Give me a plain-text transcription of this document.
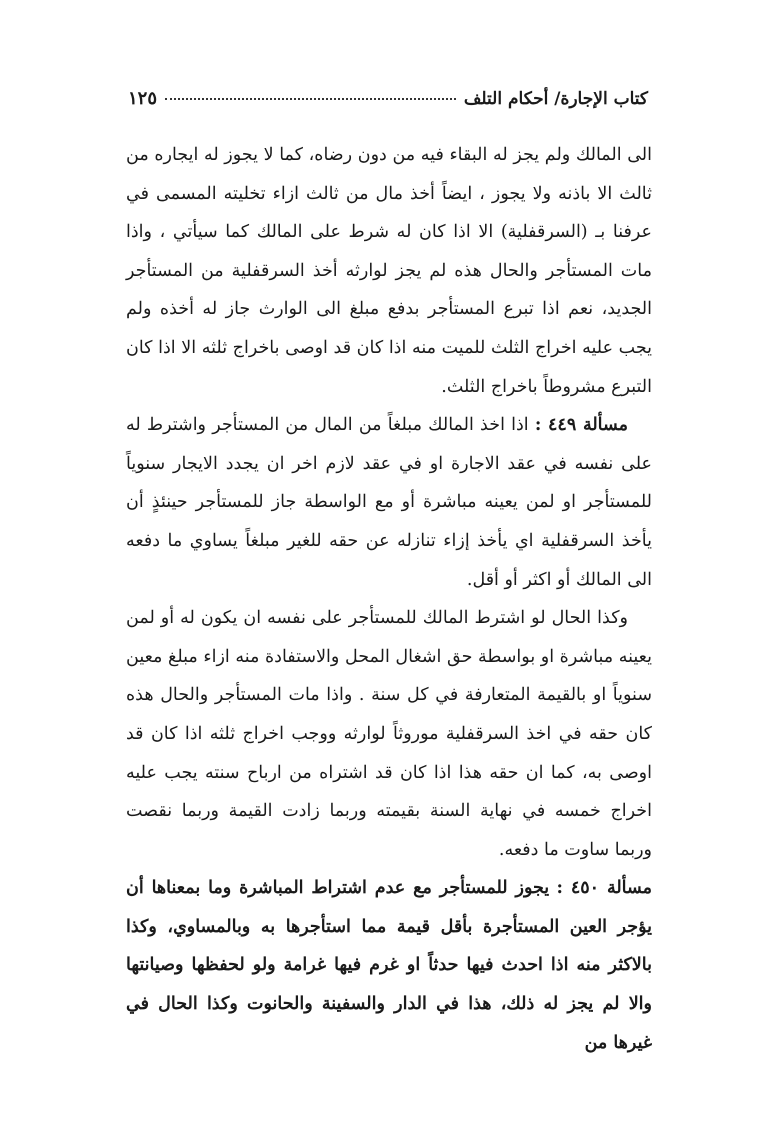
كتاب الإجارة/ أحكام التلف
١٢٥

الى المالك ولم يجز له البقاء فيه من دون رضاه، كما لا يجوز له ايجاره من ثالث الا باذنه ولا يجوز ، ايضاً أخذ مال من ثالث ازاء تخليته المسمى في عرفنا بـ (السرقفلية) الا اذا كان له شرط على المالك كما سيأتي ، واذا مات المستأجر والحال هذه لم يجز لوارثه أخذ السرقفلية من المستأجر الجديد، نعم اذا تبرع المستأجر بدفع مبلغ الى الوارث جاز له أخذه ولم يجب عليه اخراج الثلث للميت منه اذا كان قد اوصى باخراج ثلثه الا اذا كان التبرع مشروطاً باخراج الثلث.

مسألة ٤٤٩ : اذا اخذ المالك مبلغاً من المال من المستأجر واشترط له على نفسه في عقد الاجارة او في عقد لازم اخر ان يجدد الايجار سنوياً للمستأجر او لمن يعينه مباشرة أو مع الواسطة جاز للمستأجر حينئذٍ أن يأخذ السرقفلية اي يأخذ إزاء تنازله عن حقه للغير مبلغاً يساوي ما دفعه الى المالك أو اكثر أو أقل.

وكذا الحال لو اشترط المالك للمستأجر على نفسه ان يكون له أو لمن يعينه مباشرة او بواسطة حق اشغال المحل والاستفادة منه ازاء مبلغ معين سنوياً او بالقيمة المتعارفة في كل سنة . واذا مات المستأجر والحال هذه كان حقه في اخذ السرقفلية موروثاً لوارثه ووجب اخراج ثلثه اذا كان قد اوصى به، كما ان حقه هذا اذا كان قد اشتراه من ارباح سنته يجب عليه اخراج خمسه في نهاية السنة بقيمته وربما زادت القيمة وربما نقصت وربما ساوت ما دفعه.

مسألة ٤٥٠ : يجوز للمستأجر مع عدم اشتراط المباشرة وما بمعناها أن يؤجر العين المستأجرة بأقل قيمة مما استأجرها به وبالمساوي، وكذا بالاكثر منه اذا احدث فيها حدثاً او غرم فيها غرامة ولو لحفظها وصيانتها والا لم يجز له ذلك، هذا في الدار والسفينة والحانوت وكذا الحال في غيرها من
